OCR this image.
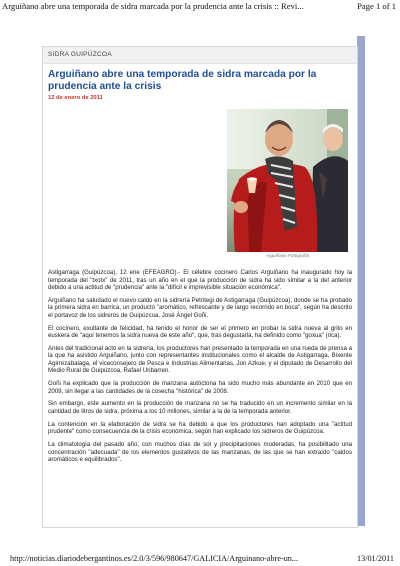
Arguiñano abre una temporada de sidra marcada por la prudencia ante la crisis :: Revi...	Page 1 of 1
SIDRA GUIPÚZCOA
Arguiñano abre una temporada de sidra marcada por la prudencia ante la crisis
12 de enero de 2011
Arguiñano Fotografía

Astigarraga (Guipúzcoa), 12 ene (EFEAGRO).- El célebre cocinero Carlos Arguiñano ha inaugurado hoy la temporada del "txotx" de 2011, tras un año en el que la producción de sidra ha sido similar a la del anterior debido a una actitud de "prudencia" ante la "difícil e imprevisible situación económica".

Arguiñano ha saludado el nuevo caldo en la sidrería Petritegi de Astigarraga (Guipúzcoa), donde se ha probado la primera sidra en barrica, un producto "aromático, refrescante y de largo recorrido en boca", según ha descrito el portavoz de los sidreros de Guipúzcoa, José Ángel Goñi.

El cocinero, exultante de felicidad, ha tenido el honor de ser el primero en probar la sidra nueva al grito en euskera de "aquí tenemos la sidra nueva de este año", que, tras degustarla, ha definido como "goxua" (rica).

Antes del tradicional acto en la sidrería, los productores han presentado la temporada en una rueda de prensa a la que ha asistido Arguiñano, junto con representantes institucionales como el alcalde de Astigarraga, Bixente Agirrezabalaga, el viceconsejero de Pesca e Industrias Alimentarias, Jon Azkue, y el diputado de Desarrollo del Medio Rural de Guipúzcoa, Rafael Uribarren.

Goñi ha explicado que la producción de manzana autóctona ha sido mucho más abundante en 2010 que en 2009, sin llegar a las cantidades de la cosecha "histórica" de 2008.

Sin embargo, este aumento en la producción de manzana no se ha traducido en un incremento similar en la cantidad de litros de sidra, próxima a los 10 millones, similar a la de la temporada anterior.

La contención en la elaboración de sidra se ha debido a que los productores han adoptado una "actitud prudente" como consecuencia de la crisis económica, según han explicado los sidreros de Guipúzcoa.

La climatología del pasado año, con muchos días de sol y precipitaciones moderadas, ha posibilitado una concentración "adecuada" de los elementos gustativos de las manzanas, de las que se han extraído "caldos aromáticos e equilibrados".

http://noticias.diariodebergantinos.es/2.0/3/596/980647/GALICIA/Arguinano-abre-un...	13/01/2011
